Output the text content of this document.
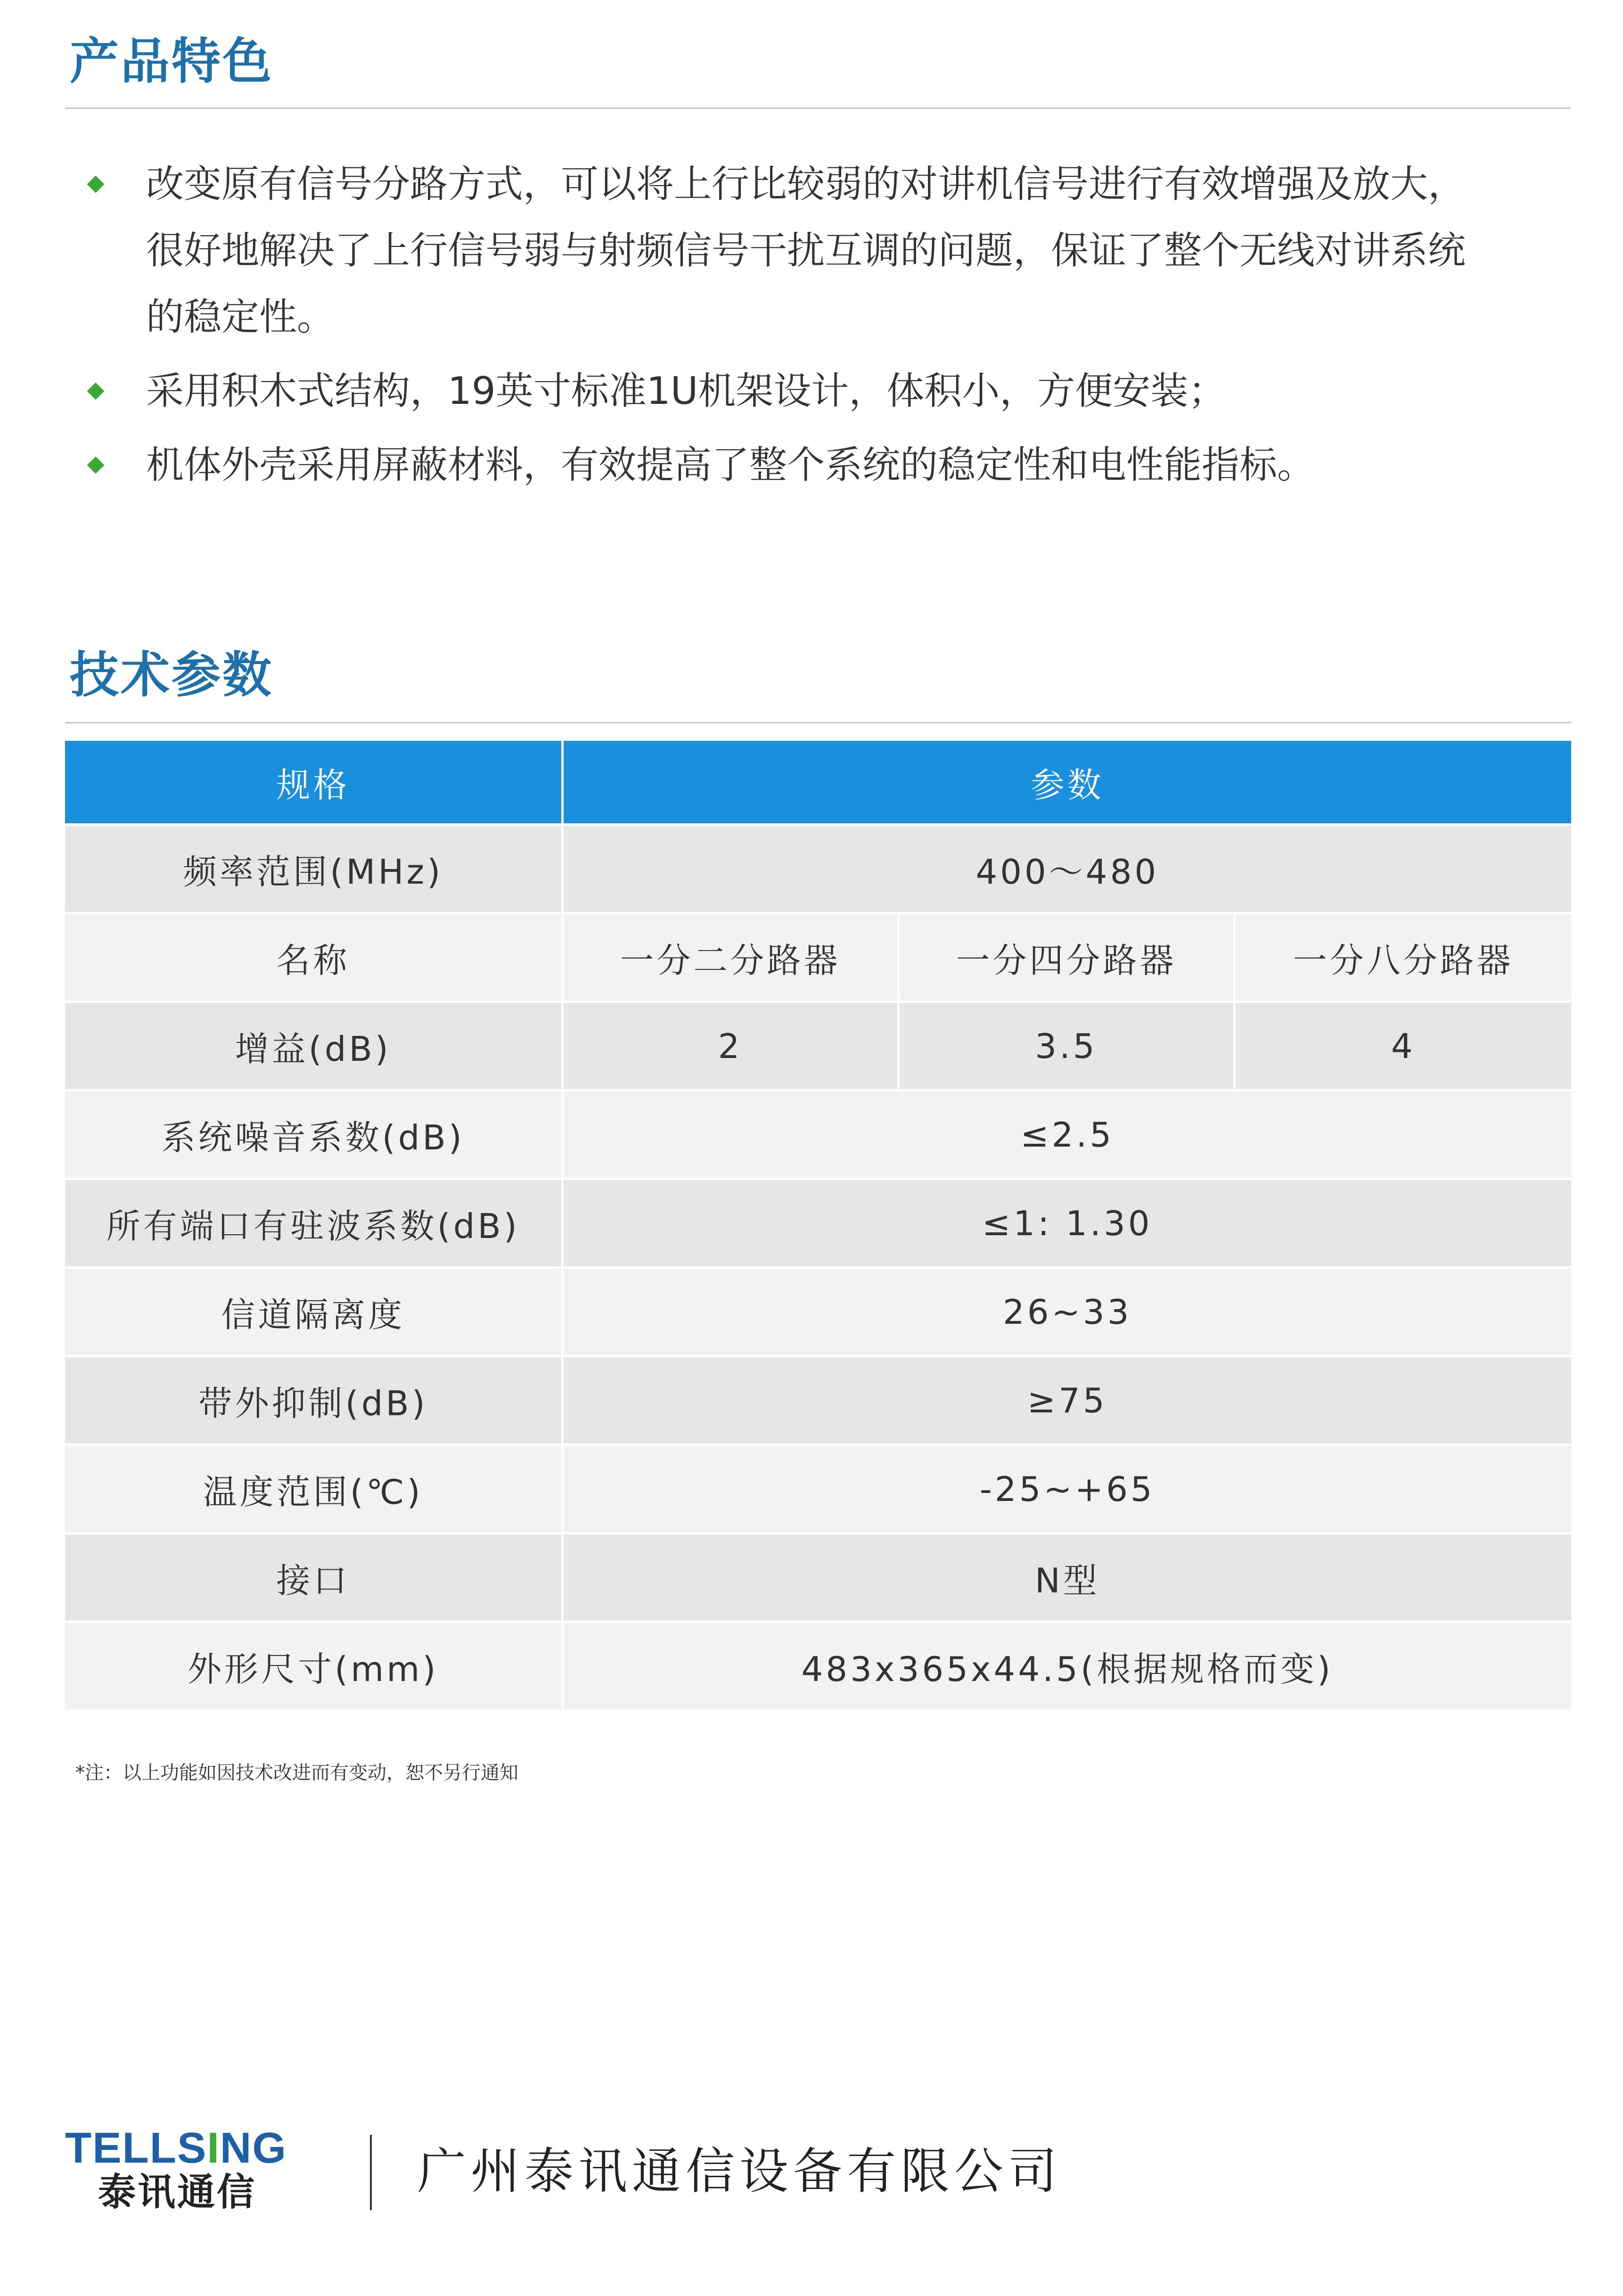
产品特色
改变原有信号分路方式，可以将上行比较弱的对讲机信号进行有效增强及放大，
很好地解决了上行信号弱与射频信号干扰互调的问题，保证了整个无线对讲系统
的稳定性。
采用积木式结构，19英寸标准1U机架设计，体积小，方便安装；
机体外壳采用屏蔽材料，有效提高了整个系统的稳定性和电性能指标。
技术参数
规格	参数		
频率范围(MHz)	400～480		
名称	一分二分路器	一分四分路器	一分八分路器
增益(dB)	2	3.5	4
系统噪音系数(dB)	≤2.5		
所有端口有驻波系数(dB)	≤1: 1.30		
信道隔离度	26~33		
带外抑制(dB)	≥75		
温度范围(℃)	-25~+65		
接口	N型		
外形尺寸(mm)	483x365x44.5(根据规格而变)		
*注：以上功能如因技术改进而有变动，恕不另行通知
TELLSING
泰讯通信	广州泰讯通信设备有限公司
